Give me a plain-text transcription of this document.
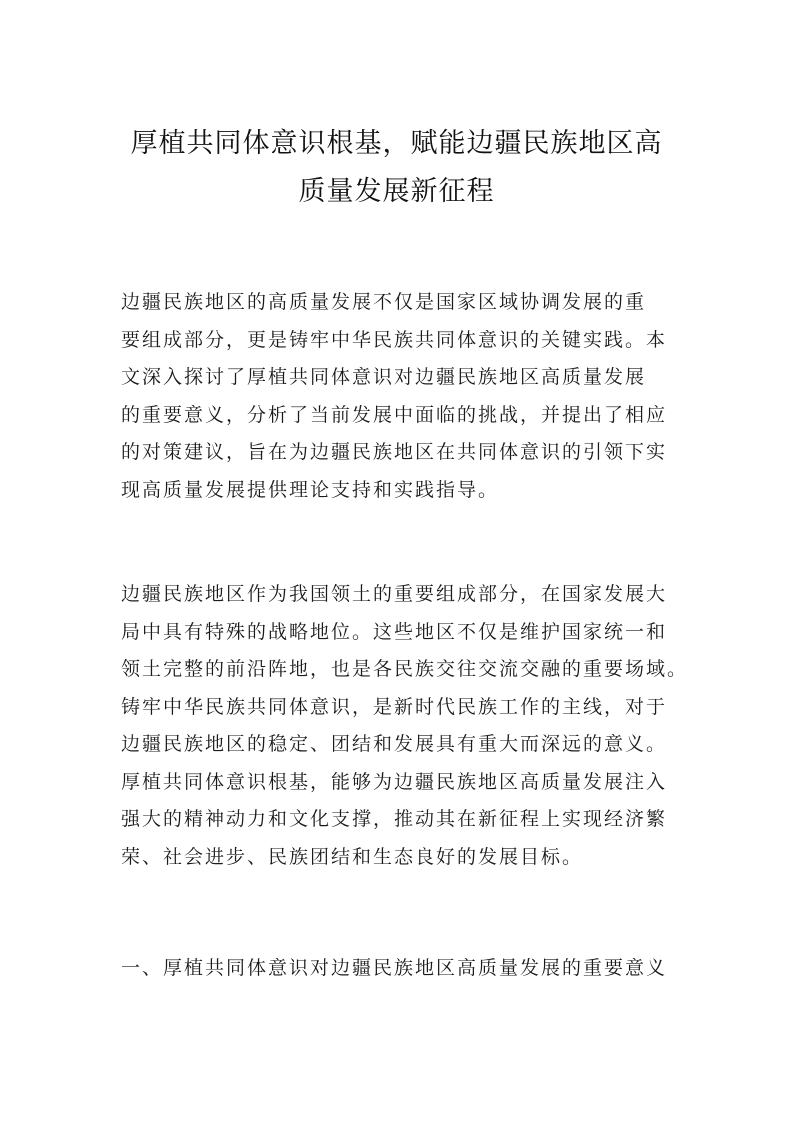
厚植共同体意识根基，赋能边疆民族地区高
质量发展新征程

边疆民族地区的高质量发展不仅是国家区域协调发展的重
要组成部分，更是铸牢中华民族共同体意识的关键实践。本
文深入探讨了厚植共同体意识对边疆民族地区高质量发展
的重要意义，分析了当前发展中面临的挑战，并提出了相应
的对策建议，旨在为边疆民族地区在共同体意识的引领下实
现高质量发展提供理论支持和实践指导。

边疆民族地区作为我国领土的重要组成部分，在国家发展大
局中具有特殊的战略地位。这些地区不仅是维护国家统一和
领土完整的前沿阵地，也是各民族交往交流交融的重要场域。
铸牢中华民族共同体意识，是新时代民族工作的主线，对于
边疆民族地区的稳定、团结和发展具有重大而深远的意义。
厚植共同体意识根基，能够为边疆民族地区高质量发展注入
强大的精神动力和文化支撑，推动其在新征程上实现经济繁
荣、社会进步、民族团结和生态良好的发展目标。

一、厚植共同体意识对边疆民族地区高质量发展的重要意义
